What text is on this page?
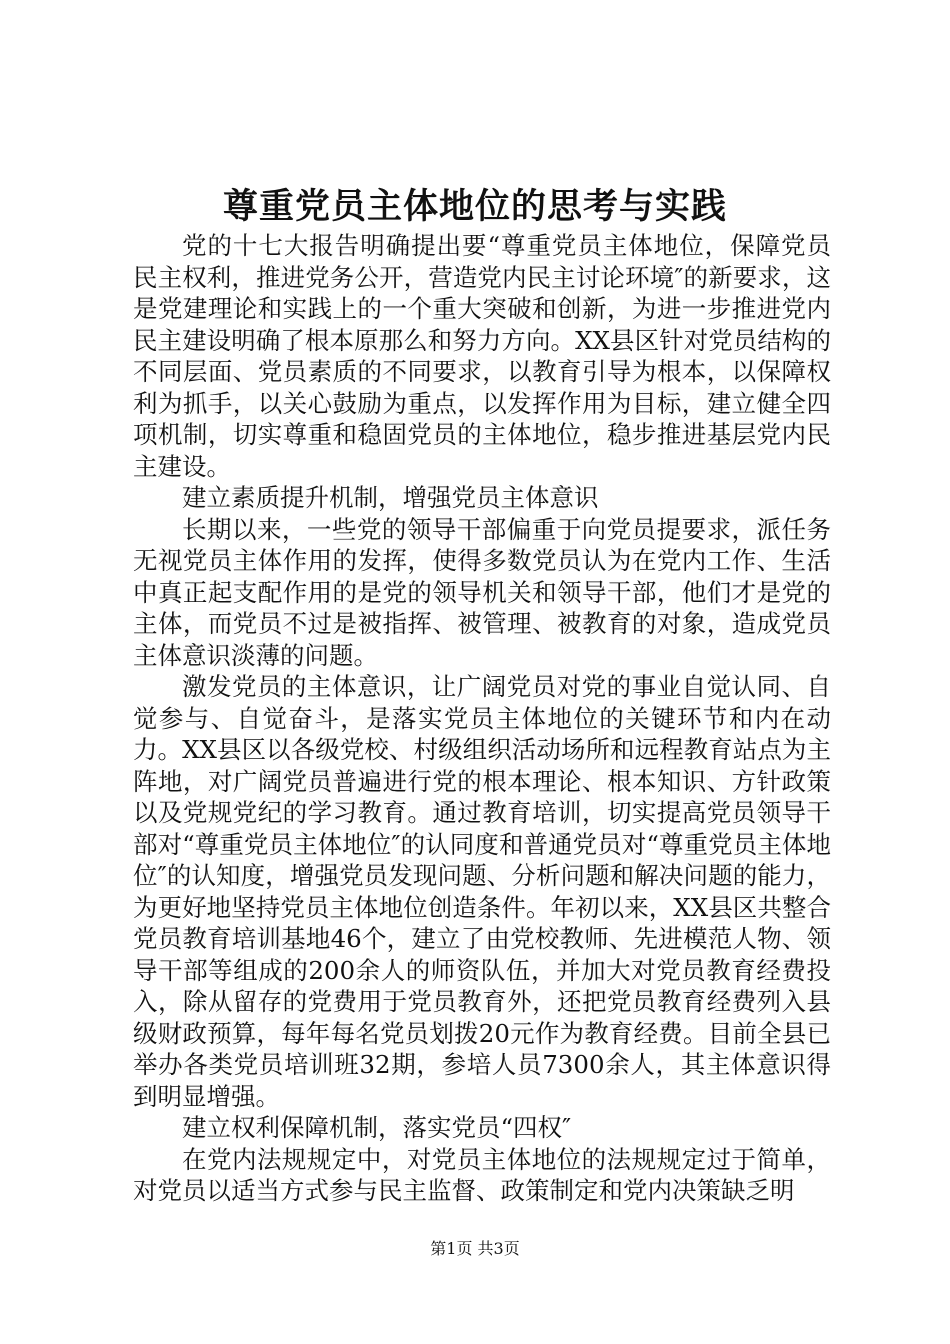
尊重党员主体地位的思考与实践

党的十七大报告明确提出要“尊重党员主体地位，保障党员民主权利，推进党务公开，营造党内民主讨论环境″的新要求，这是党建理论和实践上的一个重大突破和创新，为进一步推进党内民主建设明确了根本原那么和努力方向。XX县区针对党员结构的不同层面、党员素质的不同要求，以教育引导为根本，以保障权利为抓手，以关心鼓励为重点，以发挥作用为目标，建立健全四项机制，切实尊重和稳固党员的主体地位，稳步推进基层党内民主建设。

建立素质提升机制，增强党员主体意识

长期以来，一些党的领导干部偏重于向党员提要求，派任务无视党员主体作用的发挥，使得多数党员认为在党内工作、生活中真正起支配作用的是党的领导机关和领导干部，他们才是党的主体，而党员不过是被指挥、被管理、被教育的对象，造成党员主体意识淡薄的问题。

激发党员的主体意识，让广阔党员对党的事业自觉认同、自觉参与、自觉奋斗，是落实党员主体地位的关键环节和内在动力。XX县区以各级党校、村级组织活动场所和远程教育站点为主阵地，对广阔党员普遍进行党的根本理论、根本知识、方针政策以及党规党纪的学习教育。通过教育培训，切实提高党员领导干部对“尊重党员主体地位″的认同度和普通党员对“尊重党员主体地位″的认知度，增强党员发现问题、分析问题和解决问题的能力，为更好地坚持党员主体地位创造条件。年初以来，XX县区共整合党员教育培训基地46个，建立了由党校教师、先进模范人物、领导干部等组成的200余人的师资队伍，并加大对党员教育经费投入，除从留存的党费用于党员教育外，还把党员教育经费列入县级财政预算，每年每名党员划拨20元作为教育经费。目前全县已举办各类党员培训班32期，参培人员7300余人，其主体意识得到明显增强。

建立权利保障机制，落实党员“四权″

在党内法规规定中，对党员主体地位的法规规定过于简单，对党员以适当方式参与民主监督、政策制定和党内决策缺乏明

第1页 共3页
